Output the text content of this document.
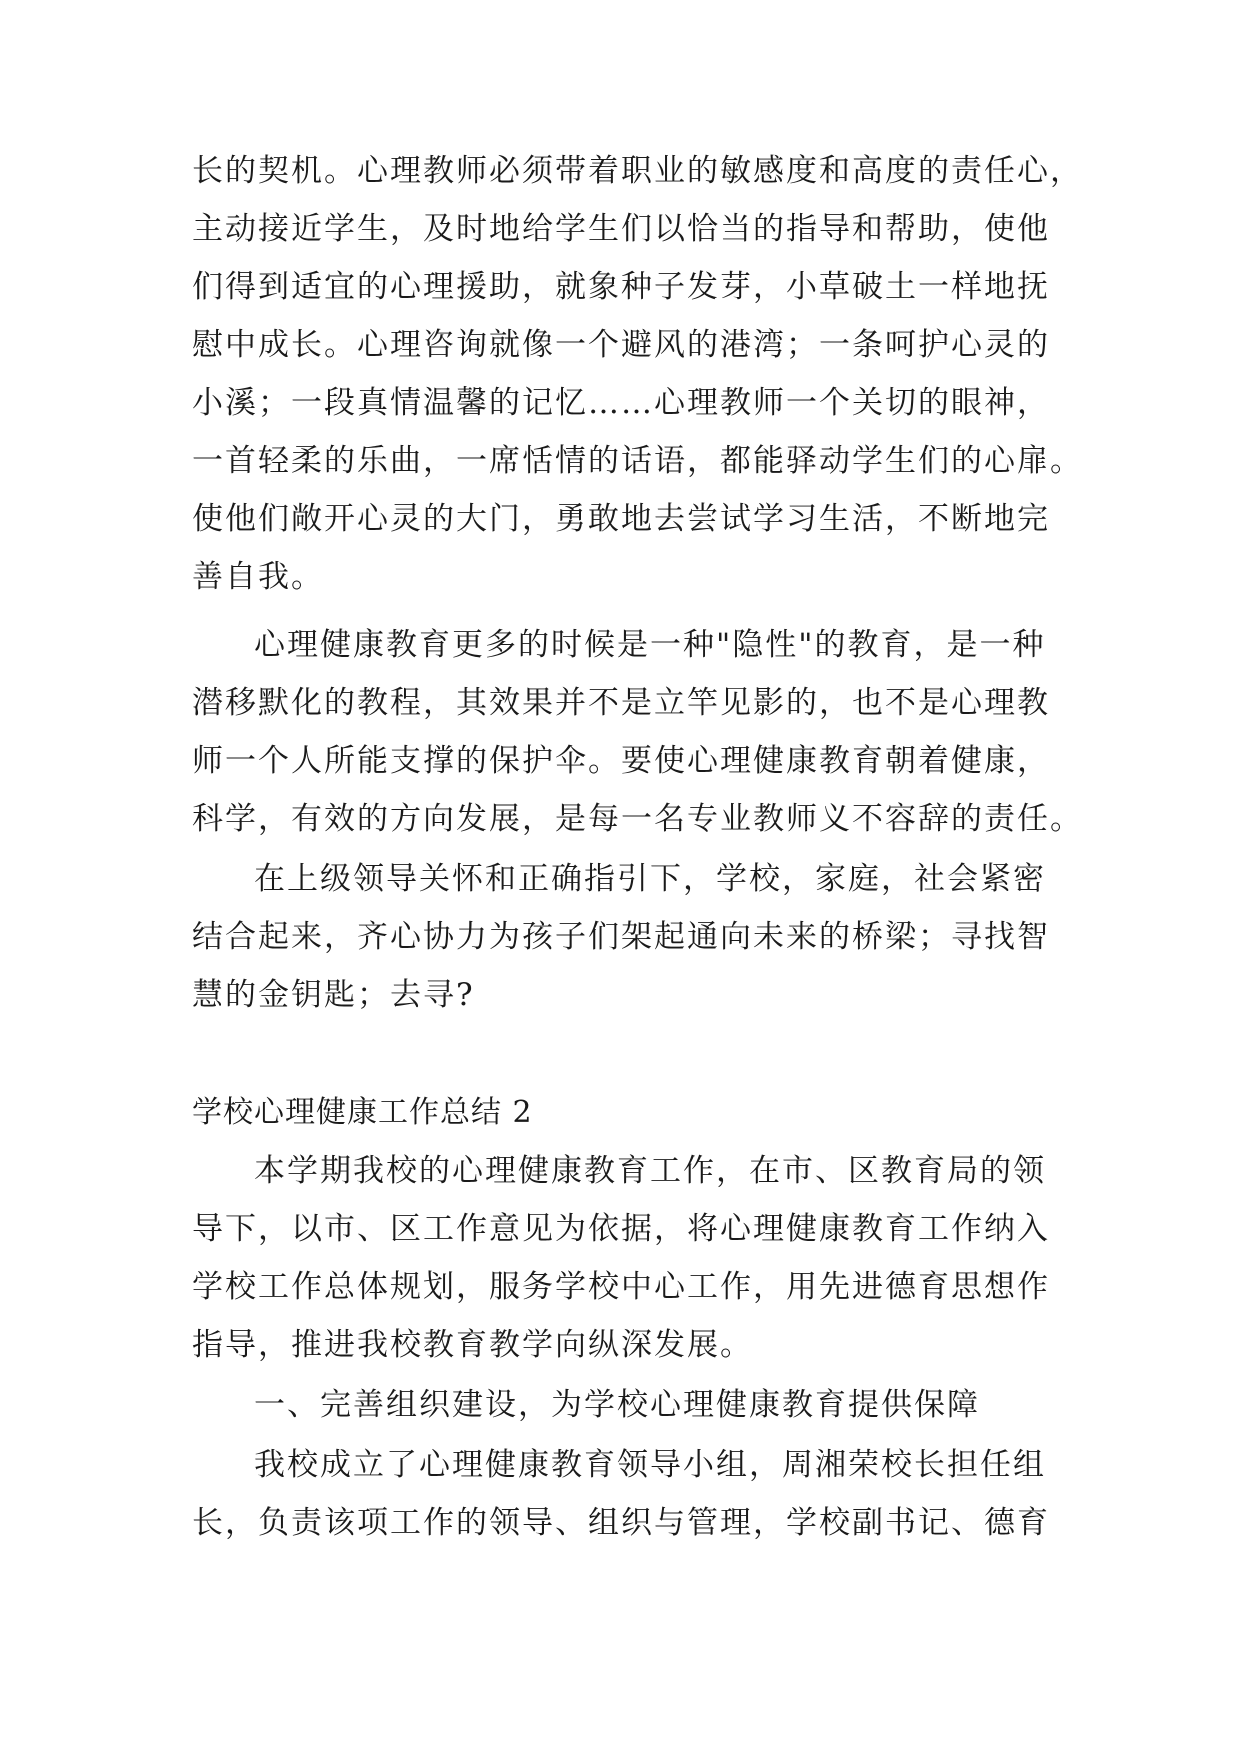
长的契机。心理教师必须带着职业的敏感度和高度的责任心，
主动接近学生，及时地给学生们以恰当的指导和帮助，使他
们得到适宜的心理援助，就象种子发芽，小草破土一样地抚
慰中成长。心理咨询就像一个避风的港湾；一条呵护心灵的
小溪；一段真情温馨的记忆……心理教师一个关切的眼神，
一首轻柔的乐曲，一席恬情的话语，都能驿动学生们的心扉。
使他们敞开心灵的大门，勇敢地去尝试学习生活，不断地完
善自我。
心理健康教育更多的时候是一种"隐性"的教育，是一种
潜移默化的教程，其效果并不是立竿见影的，也不是心理教
师一个人所能支撑的保护伞。要使心理健康教育朝着健康，
科学，有效的方向发展，是每一名专业教师义不容辞的责任。
在上级领导关怀和正确指引下，学校，家庭，社会紧密
结合起来，齐心协力为孩子们架起通向未来的桥梁；寻找智
慧的金钥匙；去寻?
学校心理健康工作总结 2
本学期我校的心理健康教育工作，在市、区教育局的领
导下，以市、区工作意见为依据，将心理健康教育工作纳入
学校工作总体规划，服务学校中心工作，用先进德育思想作
指导，推进我校教育教学向纵深发展。
一、完善组织建设，为学校心理健康教育提供保障
我校成立了心理健康教育领导小组，周湘荣校长担任组
长，负责该项工作的领导、组织与管理，学校副书记、德育
